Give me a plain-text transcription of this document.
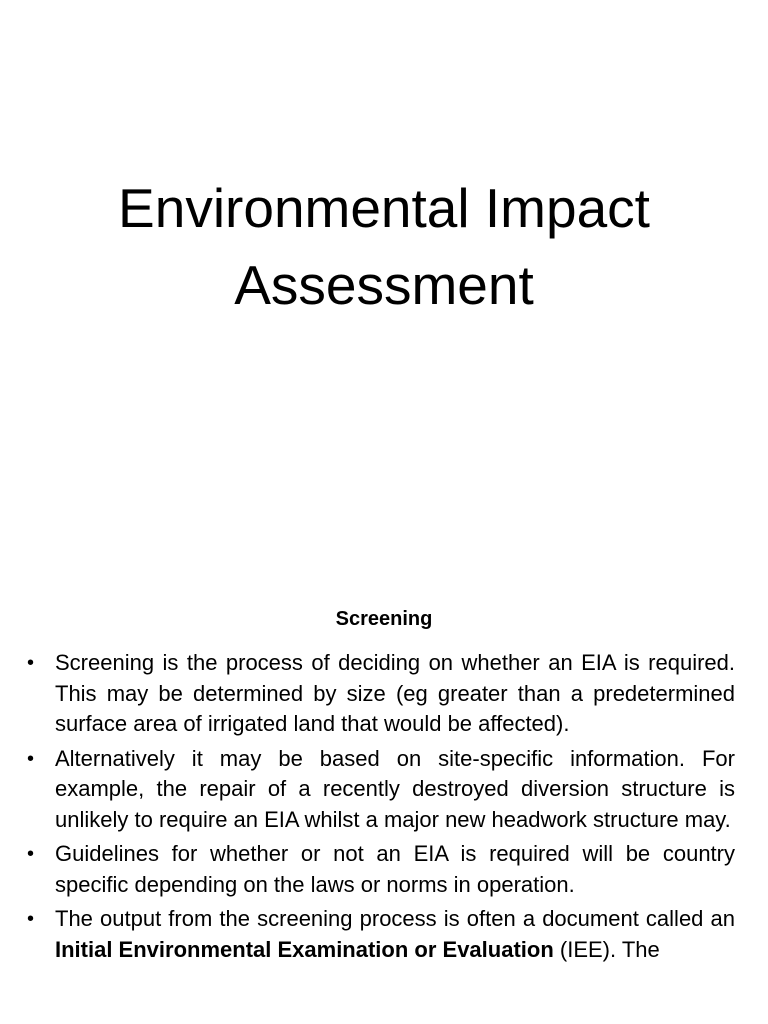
Environmental Impact
Assessment
Screening
• Screening is the process of deciding on whether an EIA is required. This may be determined by size (eg greater than a predetermined surface area of irrigated land that would be affected).
• Alternatively it may be based on site-specific information. For example, the repair of a recently destroyed diversion structure is unlikely to require an EIA whilst a major new headwork structure may.
• Guidelines for whether or not an EIA is required will be country specific depending on the laws or norms in operation.
• The output from the screening process is often a document called an Initial Environmental Examination or Evaluation (IEE). The
